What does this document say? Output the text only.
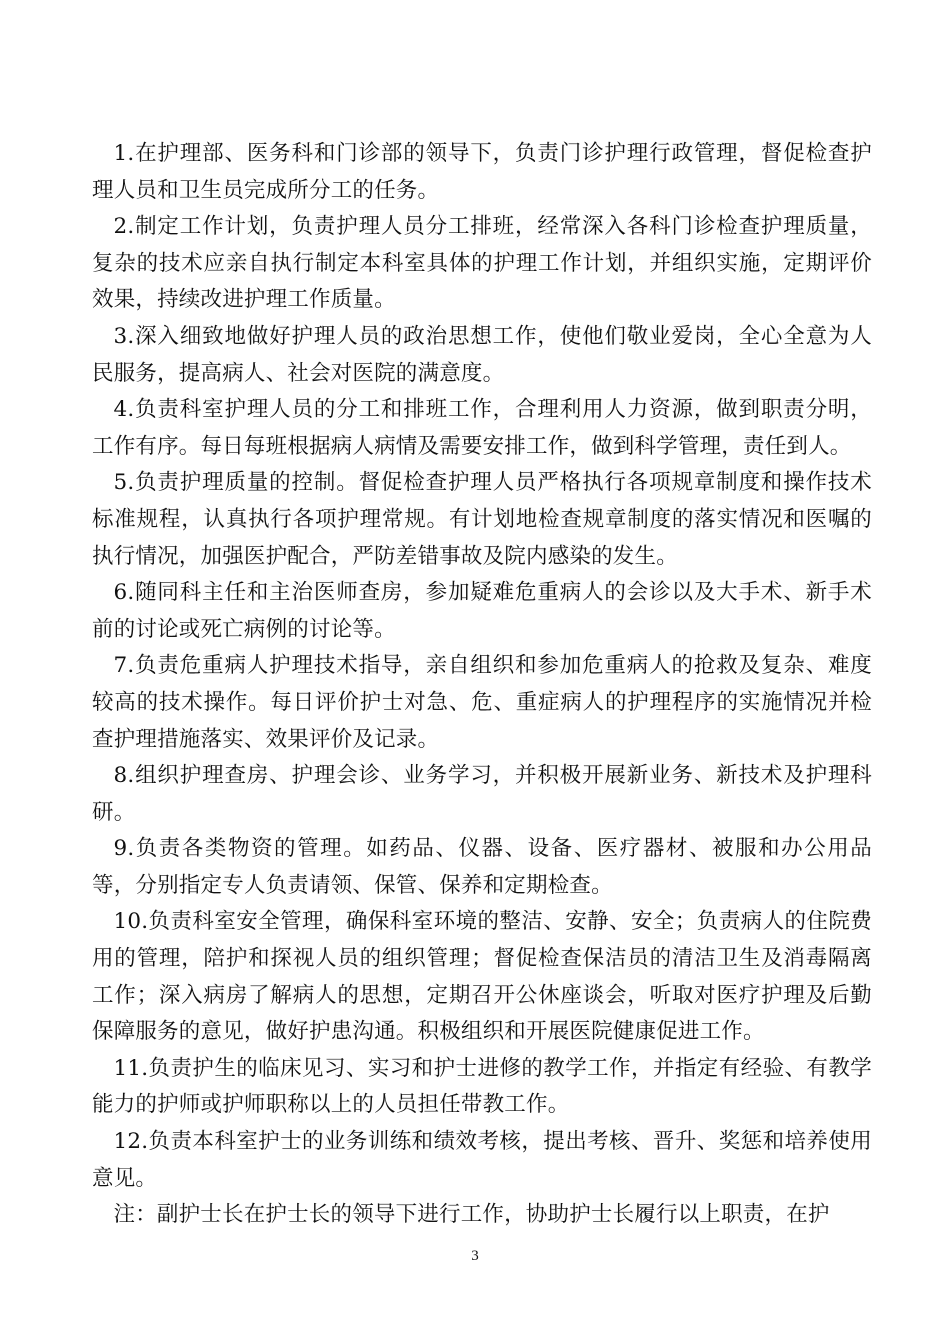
1.在护理部、医务科和门诊部的领导下，负责门诊护理行政管理，督促检查护理人员和卫生员完成所分工的任务。

2.制定工作计划，负责护理人员分工排班，经常深入各科门诊检查护理质量，复杂的技术应亲自执行制定本科室具体的护理工作计划，并组织实施，定期评价效果，持续改进护理工作质量。

3.深入细致地做好护理人员的政治思想工作，使他们敬业爱岗，全心全意为人民服务，提高病人、社会对医院的满意度。

4.负责科室护理人员的分工和排班工作，合理利用人力资源，做到职责分明，工作有序。每日每班根据病人病情及需要安排工作，做到科学管理，责任到人。

5.负责护理质量的控制。督促检查护理人员严格执行各项规章制度和操作技术标准规程，认真执行各项护理常规。有计划地检查规章制度的落实情况和医嘱的执行情况，加强医护配合，严防差错事故及院内感染的发生。

6.随同科主任和主治医师查房，参加疑难危重病人的会诊以及大手术、新手术前的讨论或死亡病例的讨论等。

7.负责危重病人护理技术指导，亲自组织和参加危重病人的抢救及复杂、难度较高的技术操作。每日评价护士对急、危、重症病人的护理程序的实施情况并检查护理措施落实、效果评价及记录。

8.组织护理查房、护理会诊、业务学习，并积极开展新业务、新技术及护理科研。

9.负责各类物资的管理。如药品、仪器、设备、医疗器材、被服和办公用品等，分别指定专人负责请领、保管、保养和定期检查。

10.负责科室安全管理，确保科室环境的整洁、安静、安全；负责病人的住院费用的管理，陪护和探视人员的组织管理；督促检查保洁员的清洁卫生及消毒隔离工作；深入病房了解病人的思想，定期召开公休座谈会，听取对医疗护理及后勤保障服务的意见，做好护患沟通。积极组织和开展医院健康促进工作。

11.负责护生的临床见习、实习和护士进修的教学工作，并指定有经验、有教学能力的护师或护师职称以上的人员担任带教工作。

12.负责本科室护士的业务训练和绩效考核，提出考核、晋升、奖惩和培养使用意见。

注：副护士长在护士长的领导下进行工作，协助护士长履行以上职责，在护

3
